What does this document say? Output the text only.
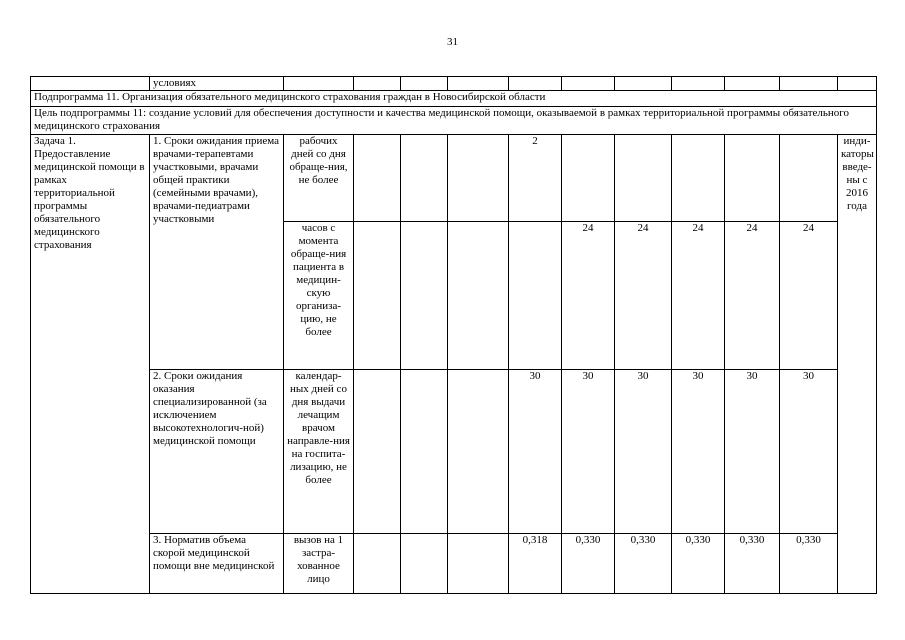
31
	условиях												
Подпрограмма 11. Организация обязательного медицинского страхования граждан в Новосибирской области													
Цель подпрограммы 11: создание условий для обеспечения доступности и качества медицинской помощи, оказываемой в рамках территориальной программы обязательного медицинского страхования													
Задача 1. Предоставление медицинской помощи в рамках территориальной программы обязательного медицинского страхования	1. Сроки ожидания приема врачами-терапевтами участковыми, врачами общей практики (семейными врачами), врачами-педиатрами участковыми	рабочих дней со дня обраще-ния, не более				2						инди-каторы введе-ны с 2016 года	
		часов с момента обраще-ния пациента в медицин-скую организа-цию, не более					24	24	24	24	24		
	2. Сроки ожидания оказания специализированной (за исключением высокотехнологич-ной) медицинской помощи	календар-ных дней со дня выдачи лечащим врачом направле-ния на госпита-лизацию, не более				30	30	30	30	30	30		
	3. Норматив объема скорой медицинской помощи вне медицинской	вызов на 1 застра-хованное лицо				0,318	0,330	0,330	0,330	0,330	0,330		
